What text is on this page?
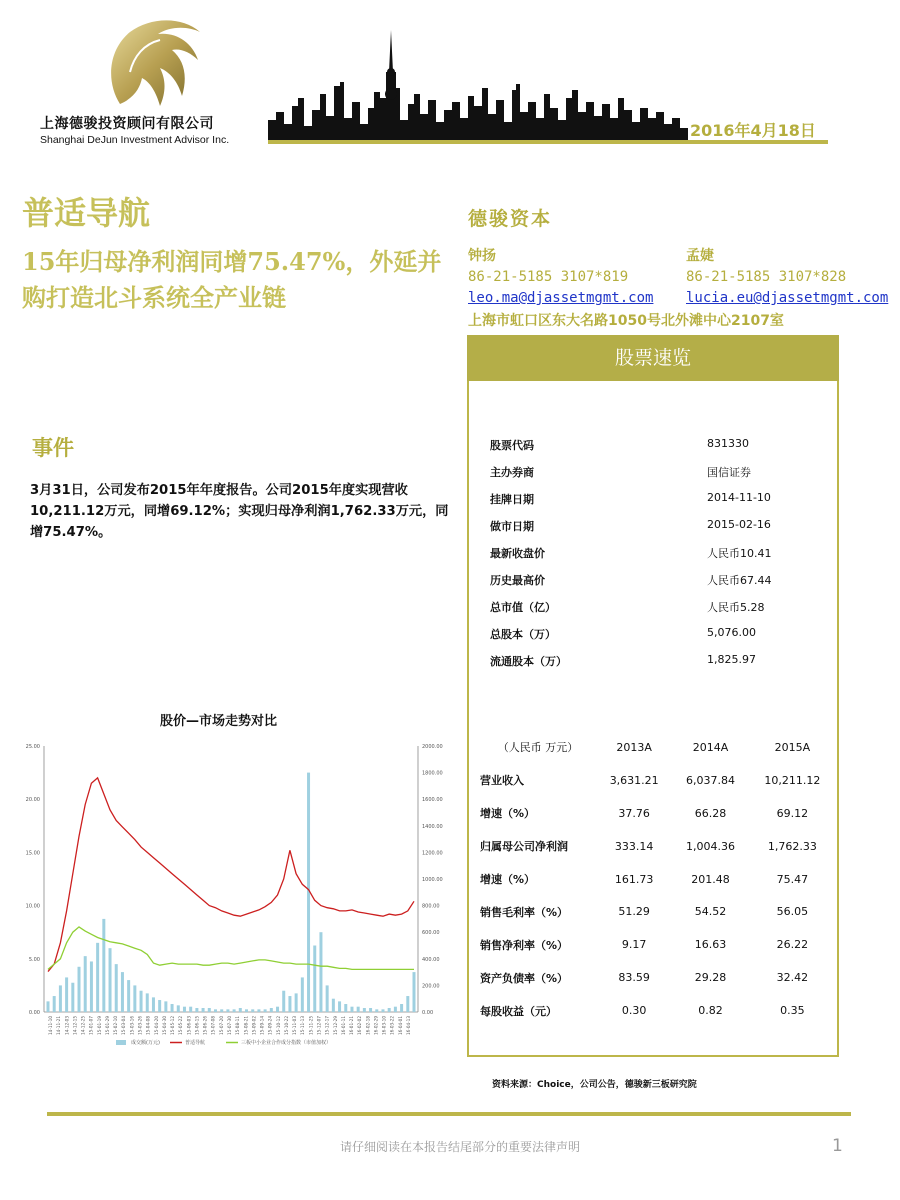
上海德骏投资顾问有限公司
Shanghai DeJun Investment Advisor Inc.	2016年4月18日
普适导航
15年归母净利润同增75.47%，外延并购打造北斗系统全产业链
德骏资本
钟扬
86-21-5185 3107*819
leo.ma@djassetmgmt.com
孟婕
86-21-5185 3107*828
lucia.eu@djassetmgmt.com
上海市虹口区东大名路1050号北外滩中心2107室
股票速览
股票代码	831330
主办券商	国信证券
挂牌日期	2014-11-10
做市日期	2015-02-16
最新收盘价	人民币10.41
历史最高价	人民币67.44
总市值（亿）	人民币5.28
总股本（万）	5,076.00
流通股本（万）	1,825.97
（人民币 万元）	2013A	2014A	2015A
营业收入	3,631.21	6,037.84	10,211.12
增速（%）	37.76	66.28	69.12
归属母公司净利润	333.14	1,004.36	1,762.33
增速（%）	161.73	201.48	75.47
销售毛利率（%）	51.29	54.52	56.05
销售净利率（%）	9.17	16.63	26.22
资产负债率（%）	83.59	29.28	32.42
每股收益（元）	0.30	0.82	0.35
资料来源：Choice，公司公告，德骏新三板研究院
事件
3月31日，公司发布2015年年度报告。公司2015年度实现营收10,211.12万元，同增69.12%；实现归母净利润1,762.33万元，同增75.47%。
股价—市场走势对比
0.00
5.00
10.00
15.00
20.00
25.00
0.00
200.00
400.00
600.00
800.00
1000.00
1200.00
1400.00
1600.00
1800.00
2000.00
14-11-10 14-11-21 14-12-03 14-12-15 14-12-25 15-01-07 15-01-19 15-01-29 15-02-10 15-03-04 15-03-16 15-03-26 15-04-08 15-04-20 15-04-30 15-05-12 15-05-22 15-06-03 15-06-15 15-06-26 15-07-08 15-07-20 15-07-30 15-08-11 15-08-21 15-09-02 15-09-14 15-09-24 15-10-12 15-10-22 15-11-03 15-11-13 15-11-25 15-12-07 15-12-17 15-12-29 16-01-11 16-01-21 16-02-02 16-02-18 16-02-29 16-03-10 16-03-22 16-04-01 16-04-13
成交额(万元)	普适导航	三板中小企业合作成分指数（市值加权）
请仔细阅读在本报告结尾部分的重要法律声明	1
